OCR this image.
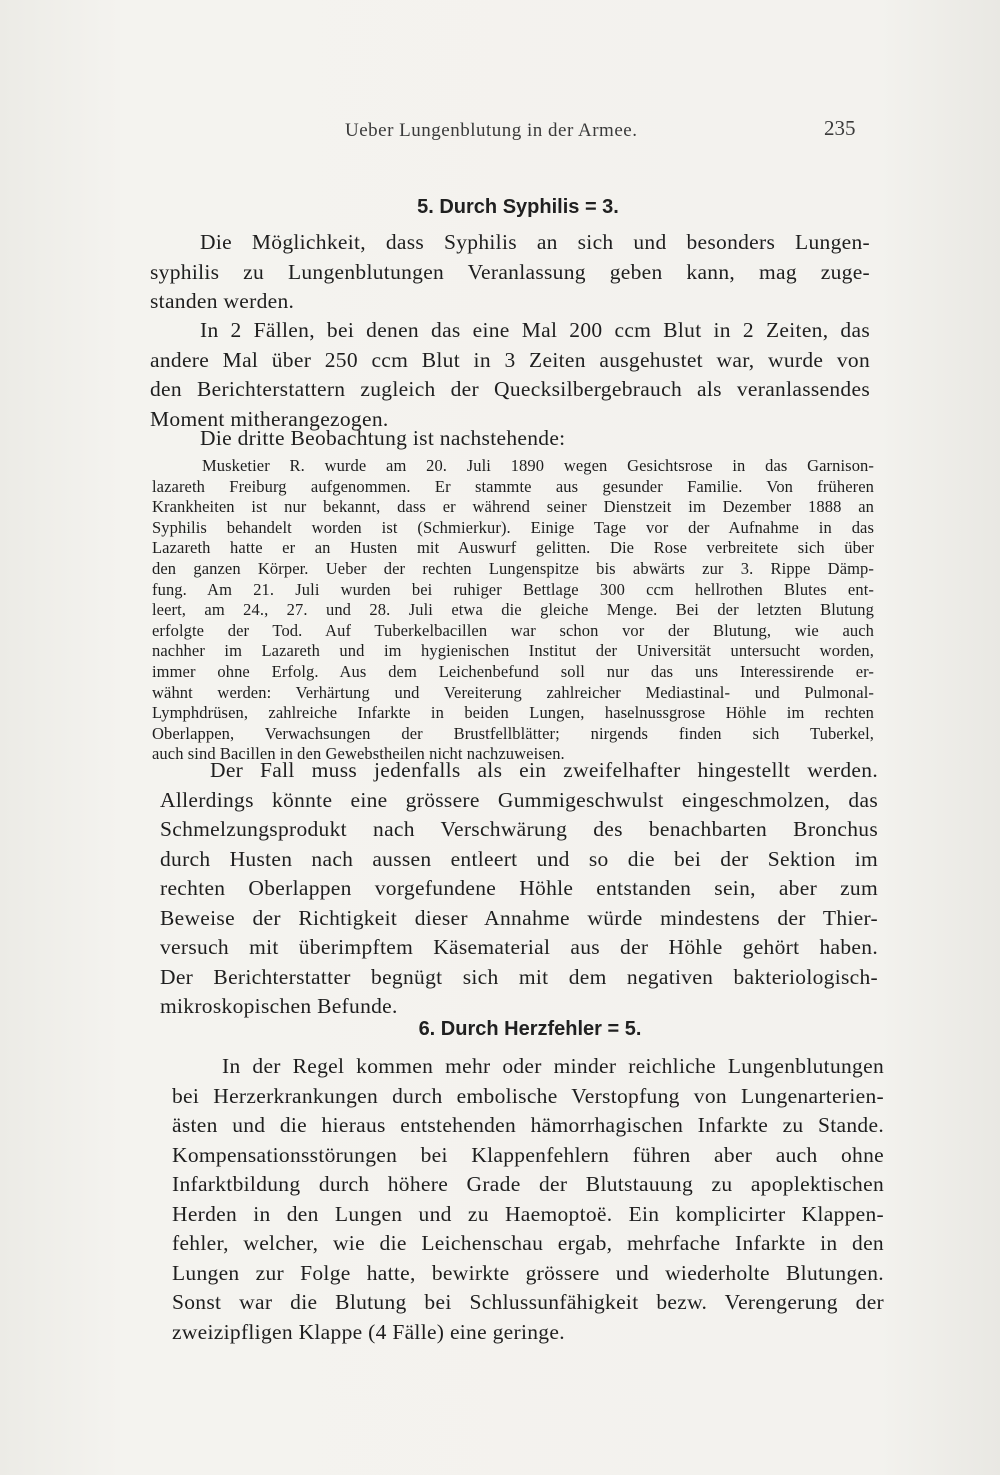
Ueber Lungenblutung in der Armee.	235
5. Durch Syphilis = 3.
Die Möglichkeit, dass Syphilis an sich und besonders Lungen-
syphilis zu Lungenblutungen Veranlassung geben kann, mag zuge-
standen werden.
In 2 Fällen, bei denen das eine Mal 200 ccm Blut in 2 Zeiten, das
andere Mal über 250 ccm Blut in 3 Zeiten ausgehustet war, wurde von
den Berichterstattern zugleich der Quecksilbergebrauch als veranlassendes
Moment mitherangezogen.
Die dritte Beobachtung ist nachstehende:
Musketier R. wurde am 20. Juli 1890 wegen Gesichtsrose in das Garnison-
lazareth Freiburg aufgenommen. Er stammte aus gesunder Familie. Von früheren
Krankheiten ist nur bekannt, dass er während seiner Dienstzeit im Dezember 1888 an
Syphilis behandelt worden ist (Schmierkur). Einige Tage vor der Aufnahme in das
Lazareth hatte er an Husten mit Auswurf gelitten. Die Rose verbreitete sich über
den ganzen Körper. Ueber der rechten Lungenspitze bis abwärts zur 3. Rippe Dämp-
fung. Am 21. Juli wurden bei ruhiger Bettlage 300 ccm hellrothen Blutes ent-
leert, am 24., 27. und 28. Juli etwa die gleiche Menge. Bei der letzten Blutung
erfolgte der Tod. Auf Tuberkelbacillen war schon vor der Blutung, wie auch
nachher im Lazareth und im hygienischen Institut der Universität untersucht worden,
immer ohne Erfolg. Aus dem Leichenbefund soll nur das uns Interessirende er-
wähnt werden: Verhärtung und Vereiterung zahlreicher Mediastinal- und Pulmonal-
Lymphdrüsen, zahlreiche Infarkte in beiden Lungen, haselnussgrose Höhle im rechten
Oberlappen, Verwachsungen der Brustfellblätter; nirgends finden sich Tuberkel,
auch sind Bacillen in den Gewebstheilen nicht nachzuweisen.
Der Fall muss jedenfalls als ein zweifelhafter hingestellt werden.
Allerdings könnte eine grössere Gummigeschwulst eingeschmolzen, das
Schmelzungsprodukt nach Verschwärung des benachbarten Bronchus
durch Husten nach aussen entleert und so die bei der Sektion im
rechten Oberlappen vorgefundene Höhle entstanden sein, aber zum
Beweise der Richtigkeit dieser Annahme würde mindestens der Thier-
versuch mit überimpftem Käsematerial aus der Höhle gehört haben.
Der Berichterstatter begnügt sich mit dem negativen bakteriologisch-
mikroskopischen Befunde.
6. Durch Herzfehler = 5.
In der Regel kommen mehr oder minder reichliche Lungenblutungen
bei Herzerkrankungen durch embolische Verstopfung von Lungenarterien-
ästen und die hieraus entstehenden hämorrhagischen Infarkte zu Stande.
Kompensationsstörungen bei Klappenfehlern führen aber auch ohne
Infarktbildung durch höhere Grade der Blutstauung zu apoplektischen
Herden in den Lungen und zu Haemoptoë. Ein komplicirter Klappen-
fehler, welcher, wie die Leichenschau ergab, mehrfache Infarkte in den
Lungen zur Folge hatte, bewirkte grössere und wiederholte Blutungen.
Sonst war die Blutung bei Schlussunfähigkeit bezw. Verengerung der
zweizipfligen Klappe (4 Fälle) eine geringe.
